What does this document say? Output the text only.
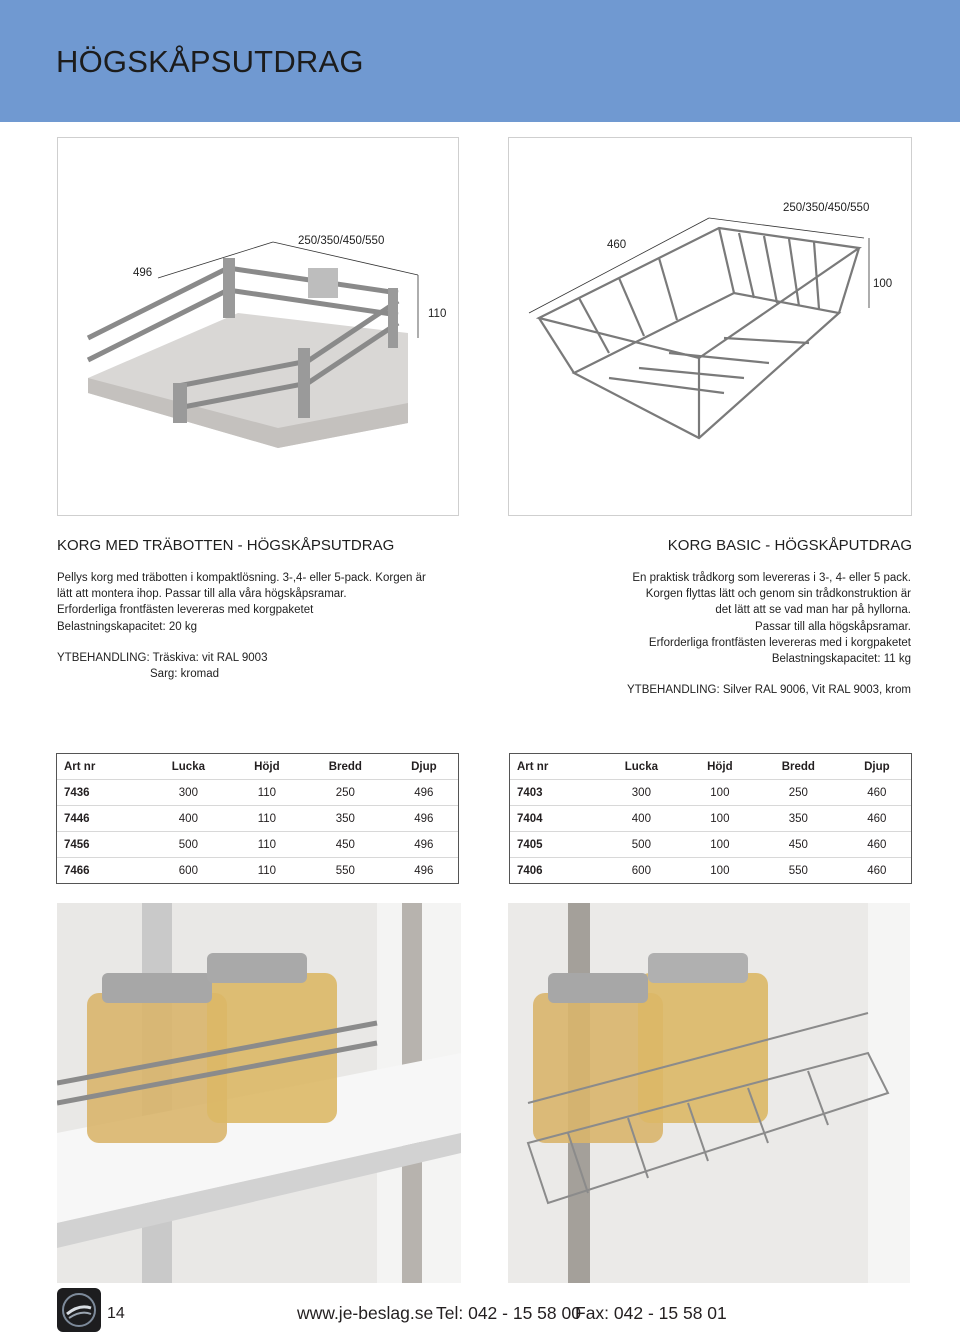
HÖGSKÅPSUTDRAG
250/350/450/550
496
110
250/350/450/550
460
100
KORG MED TRÄBOTTEN - HÖGSKÅPSUTDRAG
Pellys korg med träbotten i kompaktlösning. 3-,4- eller 5-pack. Korgen är
lätt att montera ihop. Passar till alla våra högskåpsramar.
Erforderliga frontfästen levereras med korgpaketet
Belastningskapacitet: 20 kg
YTBEHANDLING: Träskiva: vit RAL 9003
Sarg: kromad
KORG BASIC - HÖGSKÅPUTDRAG
En praktisk trådkorg som levereras i 3-, 4- eller 5 pack.
Korgen flyttas lätt och genom sin trådkonstruktion är
det lätt att se vad man har på hyllorna.
Passar till alla högskåpsramar.
Erforderliga frontfästen levereras med i korgpaketet
Belastningskapacitet: 11 kg
YTBEHANDLING: Silver RAL 9006, Vit RAL 9003, krom
Art nr	Lucka	Höjd	Bredd	Djup
7436	300	110	250	496
7446	400	110	350	496
7456	500	110	450	496
7466	600	110	550	496
Art nr	Lucka	Höjd	Bredd	Djup
7403	300	100	250	460
7404	400	100	350	460
7405	500	100	450	460
7406	600	100	550	460
14	www.je-beslag.se Tel: 042 - 15 58 00
Fax: 042 - 15 58 01
